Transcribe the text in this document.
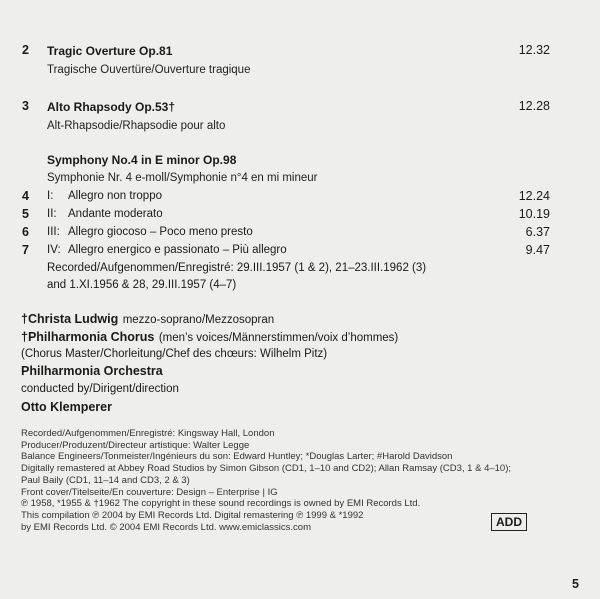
2 Tragic Overture Op.81	12.32
Tragische Ouvertüre/Ouverture tragique
3 Alto Rhapsody Op.53†	12.28
Alt-Rhapsodie/Rhapsodie pour alto
Symphony No.4 in E minor Op.98
Symphonie Nr. 4 e-moll/Symphonie n°4 en mi mineur
4 I: Allegro non troppo	12.24
5 II: Andante moderato	10.19
6 III: Allegro giocoso – Poco meno presto	6.37
7 IV: Allegro energico e passionato – Più allegro	9.47
Recorded/Aufgenommen/Enregistré: 29.III.1957 (1 & 2), 21–23.III.1962 (3)
and 1.XI.1956 & 28, 29.III.1957 (4–7)
†Christa Ludwig mezzo-soprano/Mezzosopran
†Philharmonia Chorus (men’s voices/Männerstimmen/voix d’hommes)
(Chorus Master/Chorleitung/Chef des chœurs: Wilhelm Pitz)
Philharmonia Orchestra
conducted by/Dirigent/direction
Otto Klemperer
Recorded/Aufgenommen/Enregistré: Kingsway Hall, London
Producer/Produzent/Directeur artistique: Walter Legge
Balance Engineers/Tonmeister/Ingénieurs du son: Edward Huntley; *Douglas Larter; #Harold Davidson
Digitally remastered at Abbey Road Studios by Simon Gibson (CD1, 1–10 and CD2); Allan Ramsay (CD3, 1 & 4–10);
Paul Baily (CD1, 11–14 and CD3, 2 & 3)
Front cover/Titelseite/En couverture: Design – Enterprise | IG
℗ 1958, *1955 & †1962 The copyright in these sound recordings is owned by EMI Records Ltd.
This compilation ℗ 2004 by EMI Records Ltd. Digital remastering ℗ 1999 & *1992
by EMI Records Ltd. © 2004 EMI Records Ltd. www.emiclassics.com	ADD
5
